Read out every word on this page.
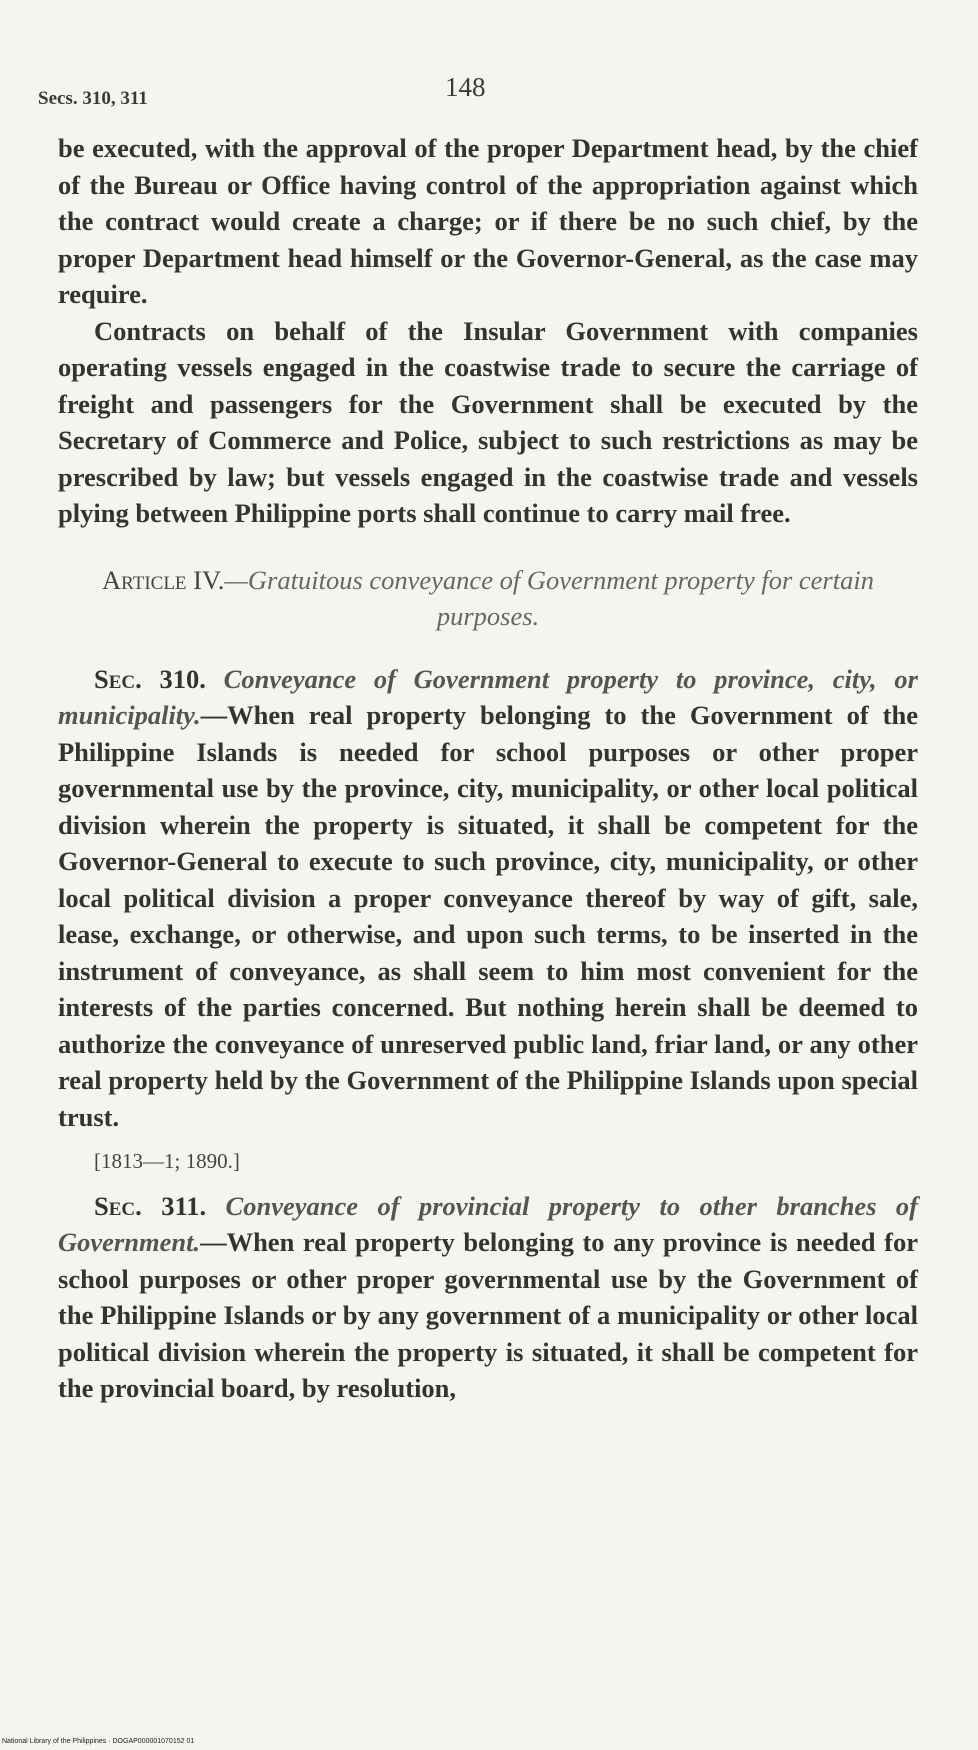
Secs. 310, 311	148

be executed, with the approval of the proper Department head, by the chief of the Bureau or Office having control of the appropriation against which the contract would create a charge; or if there be no such chief, by the proper Department head himself or the Governor-General, as the case may require.

Contracts on behalf of the Insular Government with companies operating vessels engaged in the coastwise trade to secure the carriage of freight and passengers for the Government shall be executed by the Secretary of Commerce and Police, subject to such restrictions as may be prescribed by law; but vessels engaged in the coastwise trade and vessels plying between Philippine ports shall continue to carry mail free.

Article IV.—Gratuitous conveyance of Government property for certain purposes.

Sec. 310. Conveyance of Government property to province, city, or municipality.—When real property belonging to the Government of the Philippine Islands is needed for school purposes or other proper governmental use by the province, city, municipality, or other local political division wherein the property is situated, it shall be competent for the Governor-General to execute to such province, city, municipality, or other local political division a proper conveyance thereof by way of gift, sale, lease, exchange, or otherwise, and upon such terms, to be inserted in the instrument of conveyance, as shall seem to him most convenient for the interests of the parties concerned. But nothing herein shall be deemed to authorize the conveyance of unreserved public land, friar land, or any other real property held by the Government of the Philippine Islands upon special trust.

[1813—1; 1890.]

Sec. 311. Conveyance of provincial property to other branches of Government.—When real property belonging to any province is needed for school purposes or other proper governmental use by the Government of the Philippine Islands or by any government of a municipality or other local political division wherein the property is situated, it shall be competent for the provincial board, by resolution,

National Library of the Philippines · DOGAP000001070152 01
